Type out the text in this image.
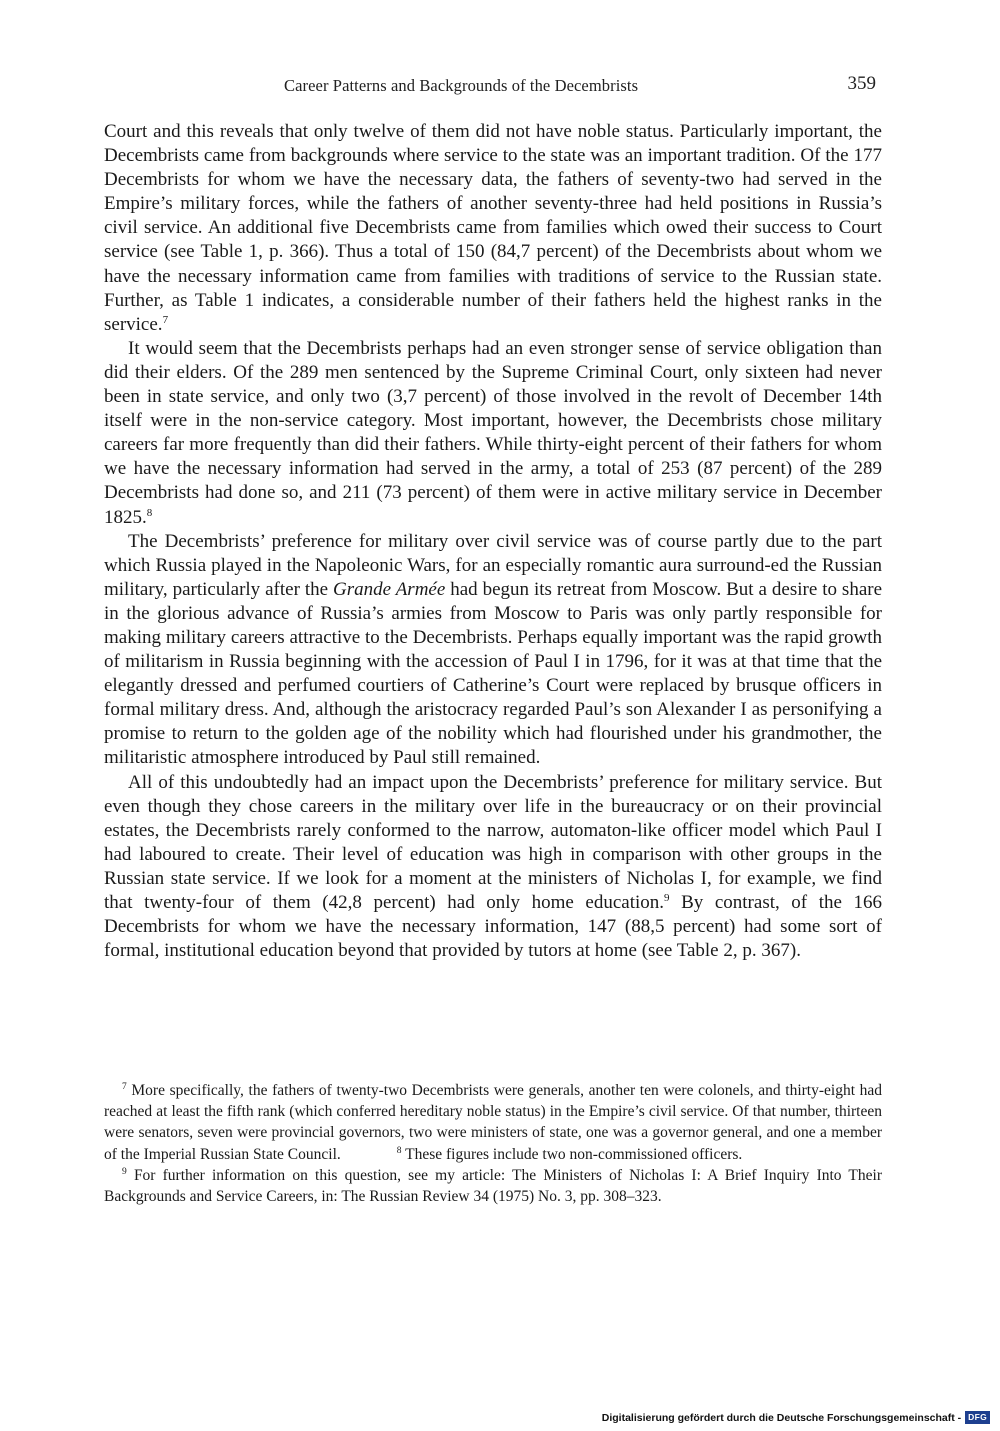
Career Patterns and Backgrounds of the Decembrists	359

Court and this reveals that only twelve of them did not have noble status. Particularly important, the Decembrists came from backgrounds where service to the state was an important tradition. Of the 177 Decembrists for whom we have the necessary data, the fathers of seventy-two had served in the Empire’s military forces, while the fathers of another seventy-three had held positions in Russia’s civil service. An additional five Decembrists came from families which owed their success to Court service (see Table 1, p. 366). Thus a total of 150 (84,7 percent) of the Decembrists about whom we have the necessary information came from families with traditions of service to the Russian state. Further, as Table 1 indicates, a considerable number of their fathers held the highest ranks in the service.$^7$

It would seem that the Decembrists perhaps had an even stronger sense of service obligation than did their elders. Of the 289 men sentenced by the Supreme Criminal Court, only sixteen had never been in state service, and only two (3,7 percent) of those involved in the revolt of December 14th itself were in the non-service category. Most important, however, the Decembrists chose military careers far more frequently than did their fathers. While thirty-eight percent of their fathers for whom we have the necessary information had served in the army, a total of 253 (87 percent) of the 289 Decembrists had done so, and 211 (73 percent) of them were in active military service in December 1825.$^8$

The Decembrists’ preference for military over civil service was of course partly due to the part which Russia played in the Napoleonic Wars, for an especially romantic aura surround-ed the Russian military, particularly after the Grande Armée had begun its retreat from Moscow. But a desire to share in the glorious advance of Russia’s armies from Moscow to Paris was only partly responsible for making military careers attractive to the Decembrists. Perhaps equally important was the rapid growth of militarism in Russia beginning with the accession of Paul I in 1796, for it was at that time that the elegantly dressed and perfumed courtiers of Catherine’s Court were replaced by brusque officers in formal military dress. And, although the aristocracy regarded Paul’s son Alexander I as personifying a promise to return to the golden age of the nobility which had flourished under his grandmother, the militaristic atmosphere introduced by Paul still remained.

All of this undoubtedly had an impact upon the Decembrists’ preference for military service. But even though they chose careers in the military over life in the bureaucracy or on their provincial estates, the Decembrists rarely conformed to the narrow, automaton-like officer model which Paul I had laboured to create. Their level of education was high in comparison with other groups in the Russian state service. If we look for a moment at the ministers of Nicholas I, for example, we find that twenty-four of them (42,8 percent) had only home education.$^9$ By contrast, of the 166 Decembrists for whom we have the necessary information, 147 (88,5 percent) had some sort of formal, institutional education beyond that provided by tutors at home (see Table 2, p. 367).

$^7$ More specifically, the fathers of twenty-two Decembrists were generals, another ten were colonels, and thirty-eight had reached at least the fifth rank (which conferred hereditary noble status) in the Empire’s civil service. Of that number, thirteen were senators, seven were provincial governors, two were ministers of state, one was a governor general, and one a member of the Imperial Russian State Council.	$^8$ These figures include two non-commissioned officers.

$^9$ For further information on this question, see my article: The Ministers of Nicholas I: A Brief Inquiry Into Their Backgrounds and Service Careers, in: The Russian Review 34 (1975) No. 3, pp. 308–323.

Digitalisierung gefördert durch die Deutsche Forschungsgemeinschaft - DFG
